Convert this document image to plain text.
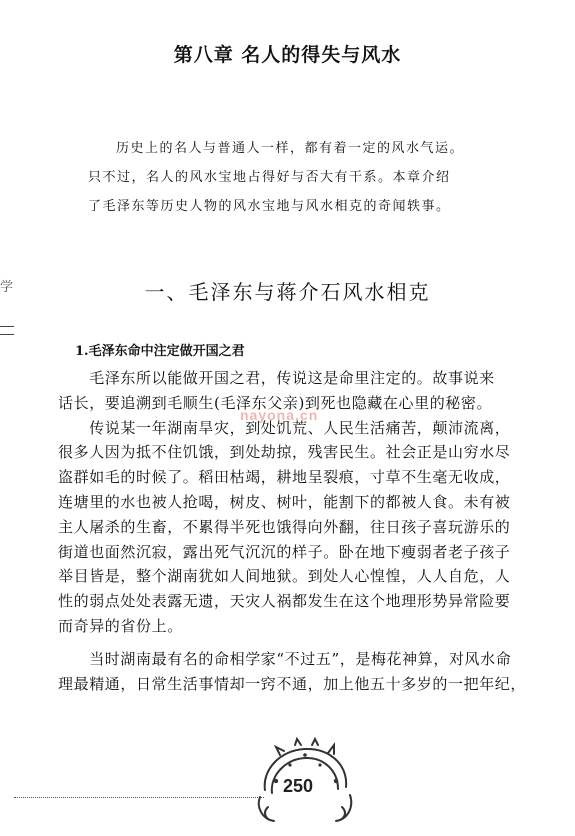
第八章 名人的得失与风水
历史上的名人与普通人一样，都有着一定的风水气运。
只不过，名人的风水宝地占得好与否大有干系。本章介绍
了毛泽东等历史人物的风水宝地与风水相克的奇闻轶事。
学	一、毛泽东与蒋介石风水相克
1.毛泽东命中注定做开国之君
　　毛泽东所以能做开国之君，传说这是命里注定的。故事说来
话长，要追溯到毛顺生(毛泽东父亲)到死也隐藏在心里的秘密。
　　传说某一年湖南旱灾，到处饥荒、人民生活痛苦，颠沛流离，
很多人因为抵不住饥饿，到处劫掠，残害民生。社会正是山穷水尽
盗群如毛的时候了。稻田枯竭，耕地呈裂痕，寸草不生毫无收成，
连塘里的水也被人抢喝，树皮、树叶，能割下的都被人食。未有被
主人屠杀的生畜，不累得半死也饿得向外翻，往日孩子喜玩游乐的
街道也面然沉寂，露出死气沉沉的样子。卧在地下瘦弱者老子孩子
举目皆是，整个湖南犹如人间地狱。到处人心惶惶，人人自危，人
性的弱点处处表露无遗，天灾人祸都发生在这个地理形势异常险要
而奇异的省份上。
　　当时湖南最有名的命相学家“不过五”，是梅花神算，对风水命
理最精通，日常生活事情却一窍不通，加上他五十多岁的一把年纪，
nayona.cn
250
